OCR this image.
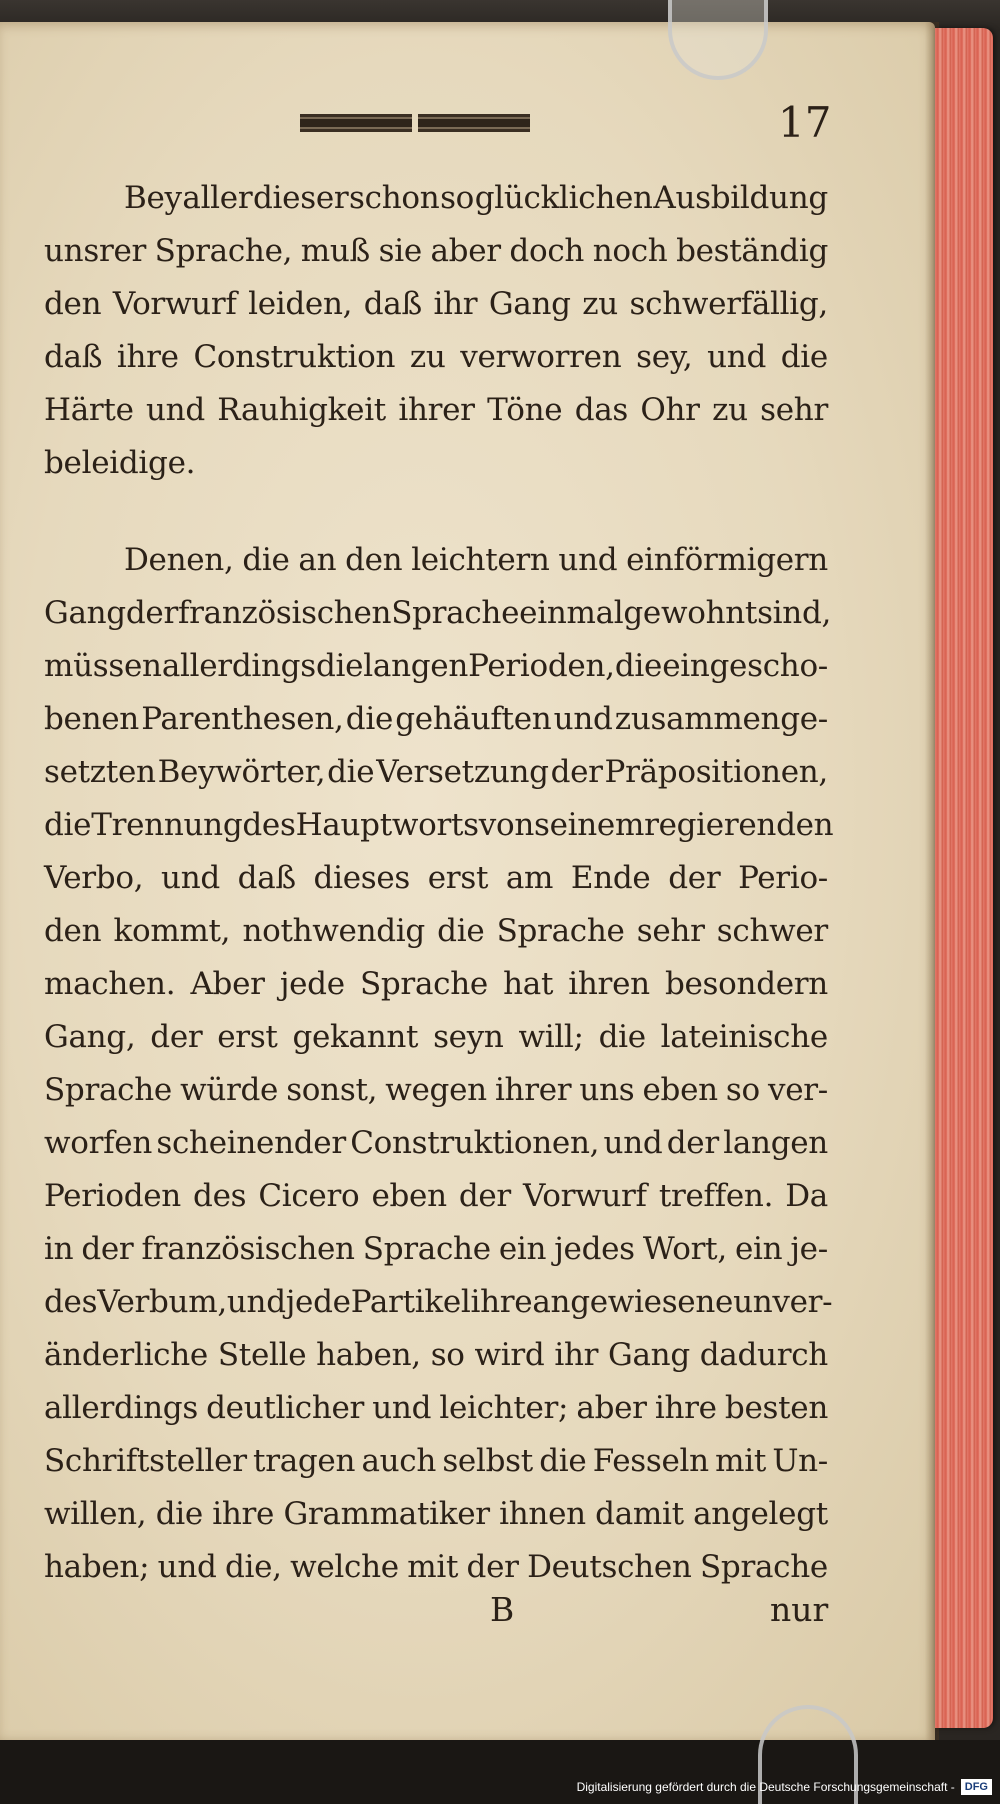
17
Bey aller dieser schon so glücklichen Ausbildung
unsrer Sprache, muß sie aber doch noch beständig
den Vorwurf leiden, daß ihr Gang zu schwerfällig,
daß ihre Construktion zu verworren sey, und die
Härte und Rauhigkeit ihrer Töne das Ohr zu sehr
beleidige.
Denen, die an den leichtern und einförmigern
Gang der französischen Sprache einmal gewohnt sind,
müssen allerdings die langen Perioden, die eingescho-
benen Parenthesen, die gehäuften und zusammenge-
setzten Beywörter, die Versetzung der Präpositionen,
die Trennung des Hauptworts von seinem regierenden
Verbo, und daß dieses erst am Ende der Perio-
den kommt, nothwendig die Sprache sehr schwer
machen. Aber jede Sprache hat ihren besondern
Gang, der erst gekannt seyn will; die lateinische
Sprache würde sonst, wegen ihrer uns eben so ver-
worfen scheinender Construktionen, und der langen
Perioden des Cicero eben der Vorwurf treffen. Da
in der französischen Sprache ein jedes Wort, ein je-
des Verbum, und jede Partikel ihre angewiesene unver-
änderliche Stelle haben, so wird ihr Gang dadurch
allerdings deutlicher und leichter; aber ihre besten
Schriftsteller tragen auch selbst die Fesseln mit Un-
willen, die ihre Grammatiker ihnen damit angelegt
haben; und die, welche mit der Deutschen Sprache
B	nur
Digitalisierung gefördert durch die Deutsche Forschungsgemeinschaft - DFG
